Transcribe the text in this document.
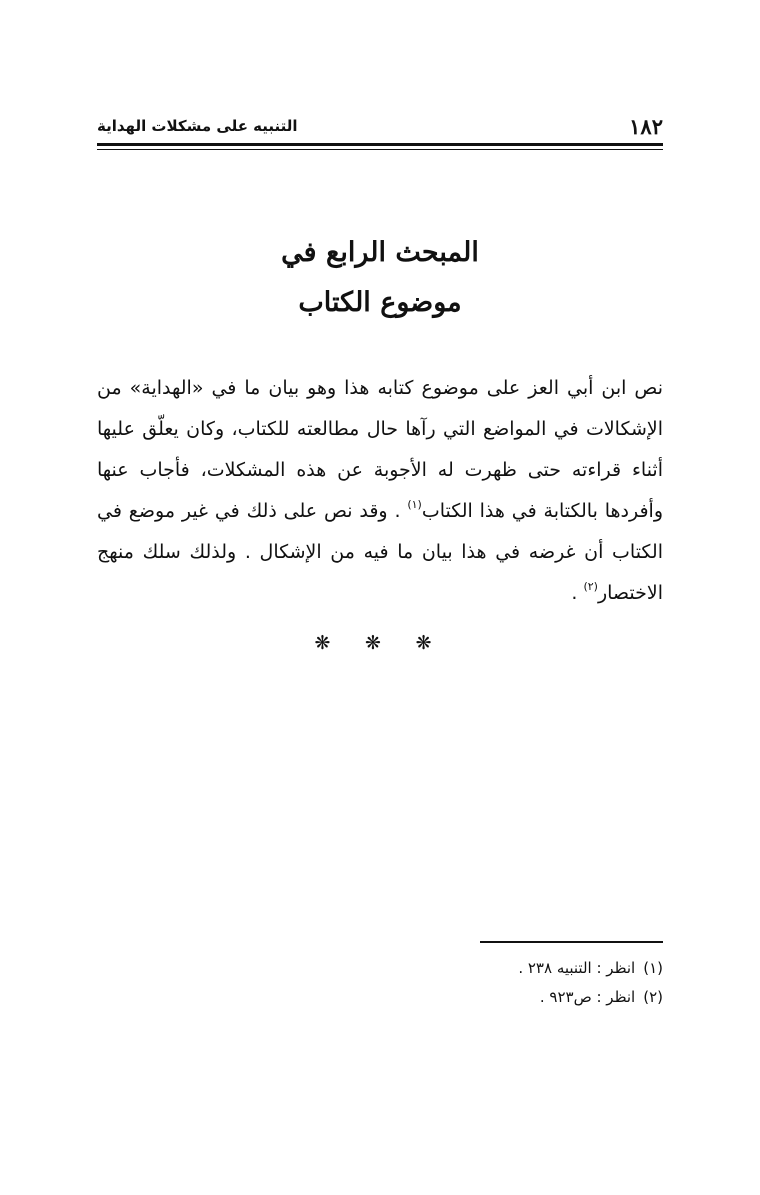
١٨٢
التنبيه على مشكلات الهداية
المبحث الرابع في
موضوع الكتاب

نص ابن أبي العز على موضوع كتابه هذا وهو بيان ما في «الهداية» من الإشكالات في المواضع التي رآها حال مطالعته للكتاب، وكان يعلّق عليها أثناء قراءته حتى ظهرت له الأجوبة عن هذه المشكلات، فأجاب عنها وأفردها بالكتابة في هذا الكتاب$^{(١)}$ . وقد نص على ذلك في غير موضع في الكتاب أن غرضه في هذا بيان ما فيه من الإشكال . ولذلك سلك منهج الاختصار$^{(٢)}$ .

❋ ❋ ❋
(١)انظر : التنبيه ٢٣٨ .
(٢)انظر : ص٩٢٣ .
